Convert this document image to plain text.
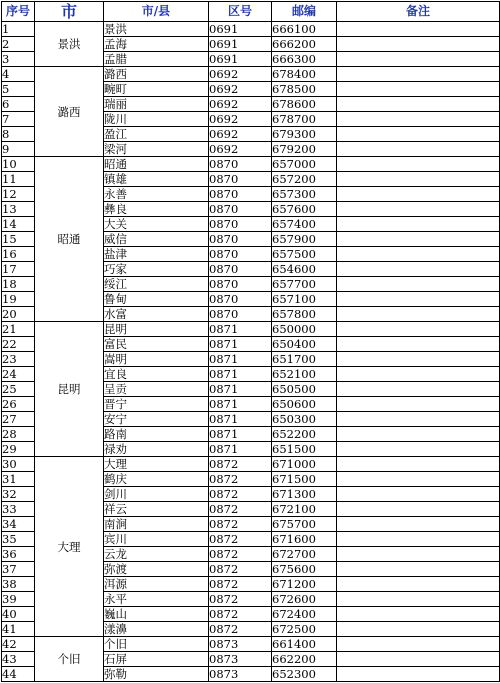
序号	市	市/县	区号	邮编	备注
1	景洪	景洪	0691	666100	
2		孟海	0691	666200	
3		孟腊	0691	666300	
4	潞西	潞西	0692	678400	
5		畹町	0692	678500	
6		瑞丽	0692	678600	
7		陇川	0692	678700	
8		盈江	0692	679300	
9		梁河	0692	679200	
10	昭通	昭通	0870	657000	
11		镇雄	0870	657200	
12		永善	0870	657300	
13		彝良	0870	657600	
14		大关	0870	657400	
15		威信	0870	657900	
16		盐津	0870	657500	
17		巧家	0870	654600	
18		绥江	0870	657700	
19		鲁甸	0870	657100	
20		水富	0870	657800	
21	昆明	昆明	0871	650000	
22		富民	0871	650400	
23		嵩明	0871	651700	
24		宜良	0871	652100	
25		呈贡	0871	650500	
26		晋宁	0871	650600	
27		安宁	0871	650300	
28		路南	0871	652200	
29		禄劝	0871	651500	
30	大理	大理	0872	671000	
31		鹤庆	0872	671500	
32		剑川	0872	671300	
33		祥云	0872	672100	
34		南涧	0872	675700	
35		宾川	0872	671600	
36		云龙	0872	672700	
37		弥渡	0872	675600	
38		洱源	0872	671200	
39		永平	0872	672600	
40		巍山	0872	672400	
41		漾濞	0872	672500	
42	个旧	个旧	0873	661400	
43		石屏	0873	662200	
44		弥勒	0873	652300	
